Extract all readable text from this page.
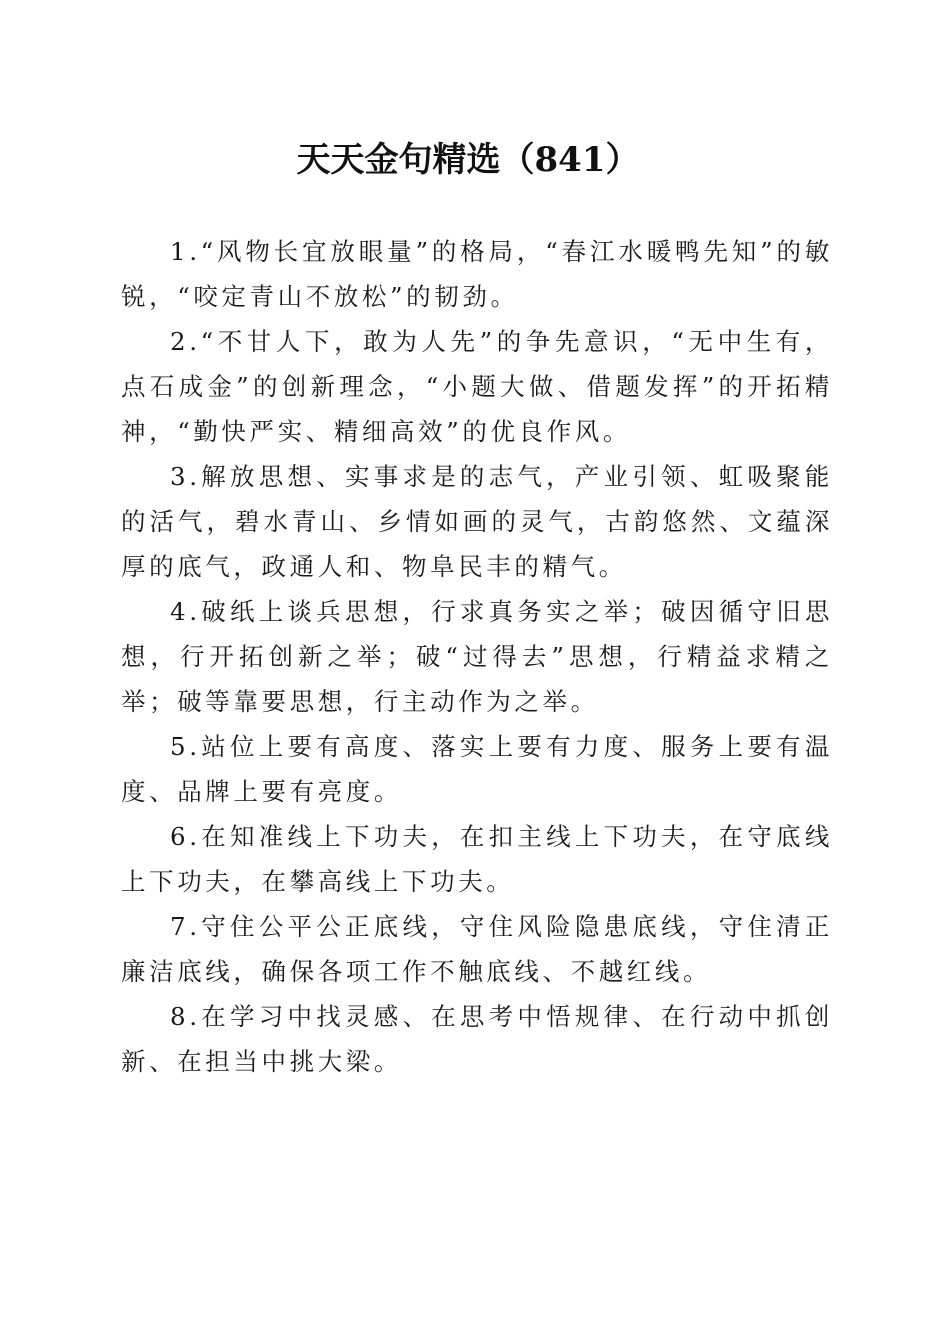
天天金句精选（841）

1.“风物长宜放眼量”的格局，“春江水暖鸭先知”的敏锐，“咬定青山不放松”的韧劲。

2.“不甘人下，敢为人先”的争先意识，“无中生有，点石成金”的创新理念，“小题大做、借题发挥”的开拓精神，“勤快严实、精细高效”的优良作风。

3.解放思想、实事求是的志气，产业引领、虹吸聚能的活气，碧水青山、乡情如画的灵气，古韵悠然、文蕴深厚的底气，政通人和、物阜民丰的精气。

4.破纸上谈兵思想，行求真务实之举；破因循守旧思想，行开拓创新之举；破“过得去”思想，行精益求精之举；破等靠要思想，行主动作为之举。

5.站位上要有高度、落实上要有力度、服务上要有温度、品牌上要有亮度。

6.在知准线上下功夫，在扣主线上下功夫，在守底线上下功夫，在攀高线上下功夫。

7.守住公平公正底线，守住风险隐患底线，守住清正廉洁底线，确保各项工作不触底线、不越红线。

8.在学习中找灵感、在思考中悟规律、在行动中抓创新、在担当中挑大梁。
